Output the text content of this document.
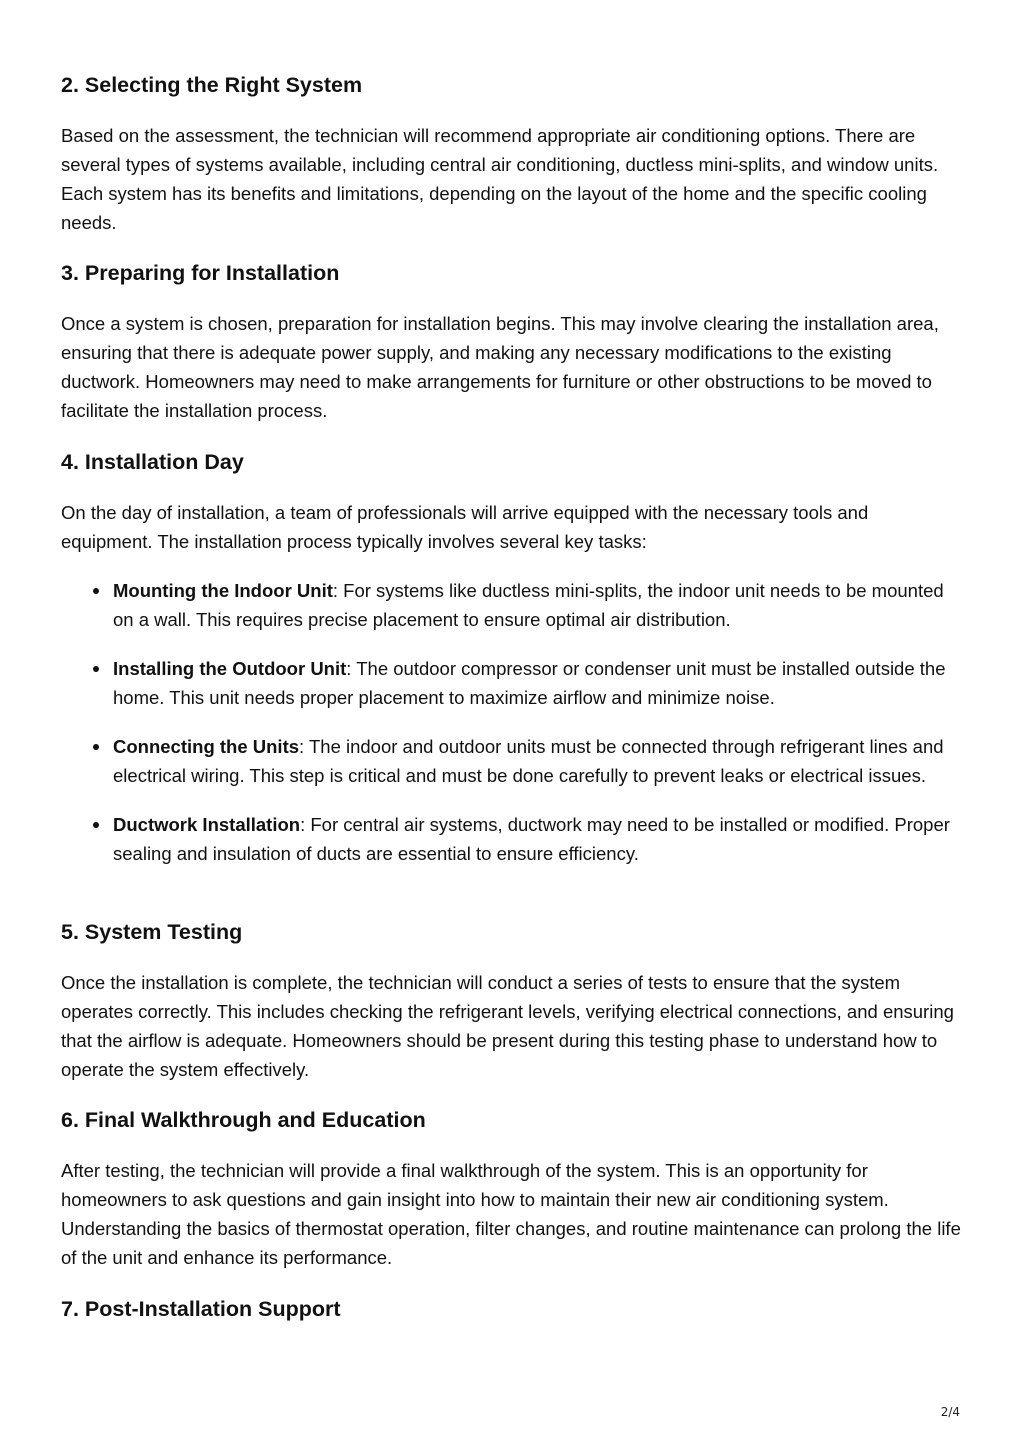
2. Selecting the Right System

Based on the assessment, the technician will recommend appropriate air conditioning options. There are several types of systems available, including central air conditioning, ductless mini-splits, and window units. Each system has its benefits and limitations, depending on the layout of the home and the specific cooling needs.

3. Preparing for Installation

Once a system is chosen, preparation for installation begins. This may involve clearing the installation area, ensuring that there is adequate power supply, and making any necessary modifications to the existing ductwork. Homeowners may need to make arrangements for furniture or other obstructions to be moved to facilitate the installation process.

4. Installation Day

On the day of installation, a team of professionals will arrive equipped with the necessary tools and equipment. The installation process typically involves several key tasks:

Mounting the Indoor Unit: For systems like ductless mini-splits, the indoor unit needs to be mounted on a wall. This requires precise placement to ensure optimal air distribution.
Installing the Outdoor Unit: The outdoor compressor or condenser unit must be installed outside the home. This unit needs proper placement to maximize airflow and minimize noise.
Connecting the Units: The indoor and outdoor units must be connected through refrigerant lines and electrical wiring. This step is critical and must be done carefully to prevent leaks or electrical issues.
Ductwork Installation: For central air systems, ductwork may need to be installed or modified. Proper sealing and insulation of ducts are essential to ensure efficiency.
5. System Testing

Once the installation is complete, the technician will conduct a series of tests to ensure that the system operates correctly. This includes checking the refrigerant levels, verifying electrical connections, and ensuring that the airflow is adequate. Homeowners should be present during this testing phase to understand how to operate the system effectively.

6. Final Walkthrough and Education

After testing, the technician will provide a final walkthrough of the system. This is an opportunity for homeowners to ask questions and gain insight into how to maintain their new air conditioning system. Understanding the basics of thermostat operation, filter changes, and routine maintenance can prolong the life of the unit and enhance its performance.

7. Post-Installation Support
2/4
